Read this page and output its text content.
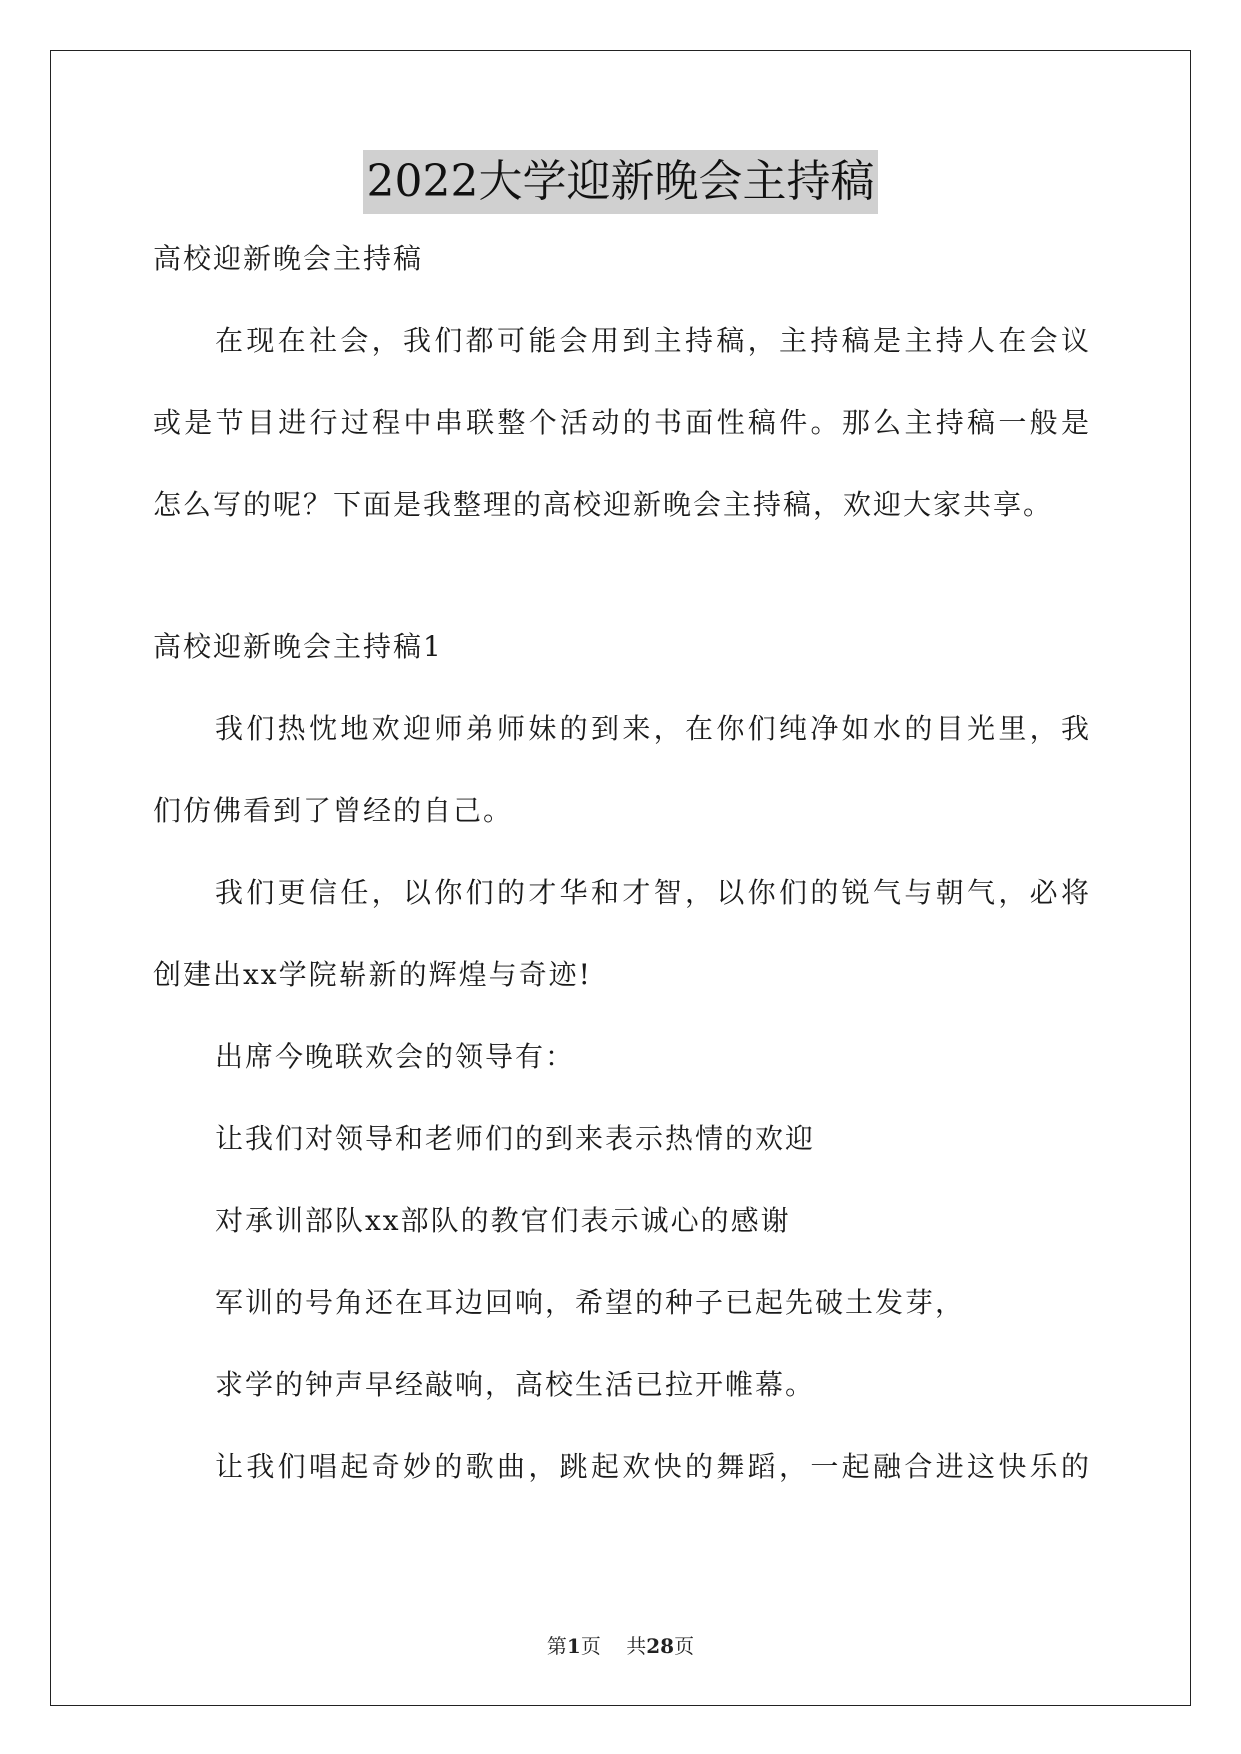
2022大学迎新晚会主持稿
高校迎新晚会主持稿
在现在社会，我们都可能会用到主持稿，主持稿是主持人在会议
或是节目进行过程中串联整个活动的书面性稿件。那么主持稿一般是
怎么写的呢？下面是我整理的高校迎新晚会主持稿，欢迎大家共享。
高校迎新晚会主持稿1
我们热忱地欢迎师弟师妹的到来，在你们纯净如水的目光里，我
们仿佛看到了曾经的自己。
我们更信任，以你们的才华和才智，以你们的锐气与朝气，必将
创建出xx学院崭新的辉煌与奇迹!
出席今晚联欢会的领导有：
让我们对领导和老师们的到来表示热情的欢迎
对承训部队xx部队的教官们表示诚心的感谢
军训的号角还在耳边回响，希望的种子已起先破土发芽，
求学的钟声早经敲响，高校生活已拉开帷幕。
让我们唱起奇妙的歌曲，跳起欢快的舞蹈，一起融合进这快乐的
第1页 共28页
